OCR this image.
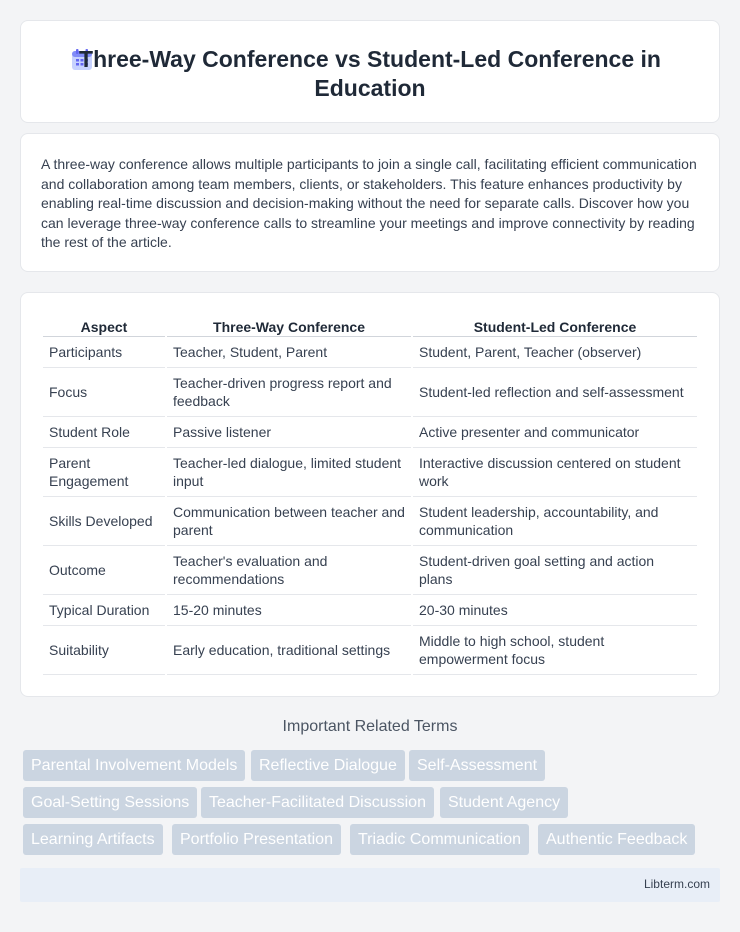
Three-Way Conference vs Student-Led Conference in Education

A three-way conference allows multiple participants to join a single call, facilitating efficient communication and collaboration among team members, clients, or stakeholders. This feature enhances productivity by enabling real-time discussion and decision-making without the need for separate calls. Discover how you can leverage three-way conference calls to streamline your meetings and improve connectivity by reading the rest of the article.

Aspect	Three-Way Conference	Student-Led Conference
Participants	Teacher, Student, Parent	Student, Parent, Teacher (observer)
Focus	Teacher-driven progress report and feedback	Student-led reflection and self-assessment
Student Role	Passive listener	Active presenter and communicator
Parent Engagement	Teacher-led dialogue, limited student input	Interactive discussion centered on student work
Skills Developed	Communication between teacher and parent	Student leadership, accountability, and communication
Outcome	Teacher's evaluation and recommendations	Student-driven goal setting and action plans
Typical Duration	15-20 minutes	20-30 minutes
Suitability	Early education, traditional settings	Middle to high school, student empowerment focus
Important Related Terms
Parental Involvement Models	Reflective Dialogue	Self-Assessment
Goal-Setting Sessions	Teacher-Facilitated Discussion	Student Agency
Learning Artifacts	Portfolio Presentation	Triadic Communication	Authentic Feedback
Libterm.com
